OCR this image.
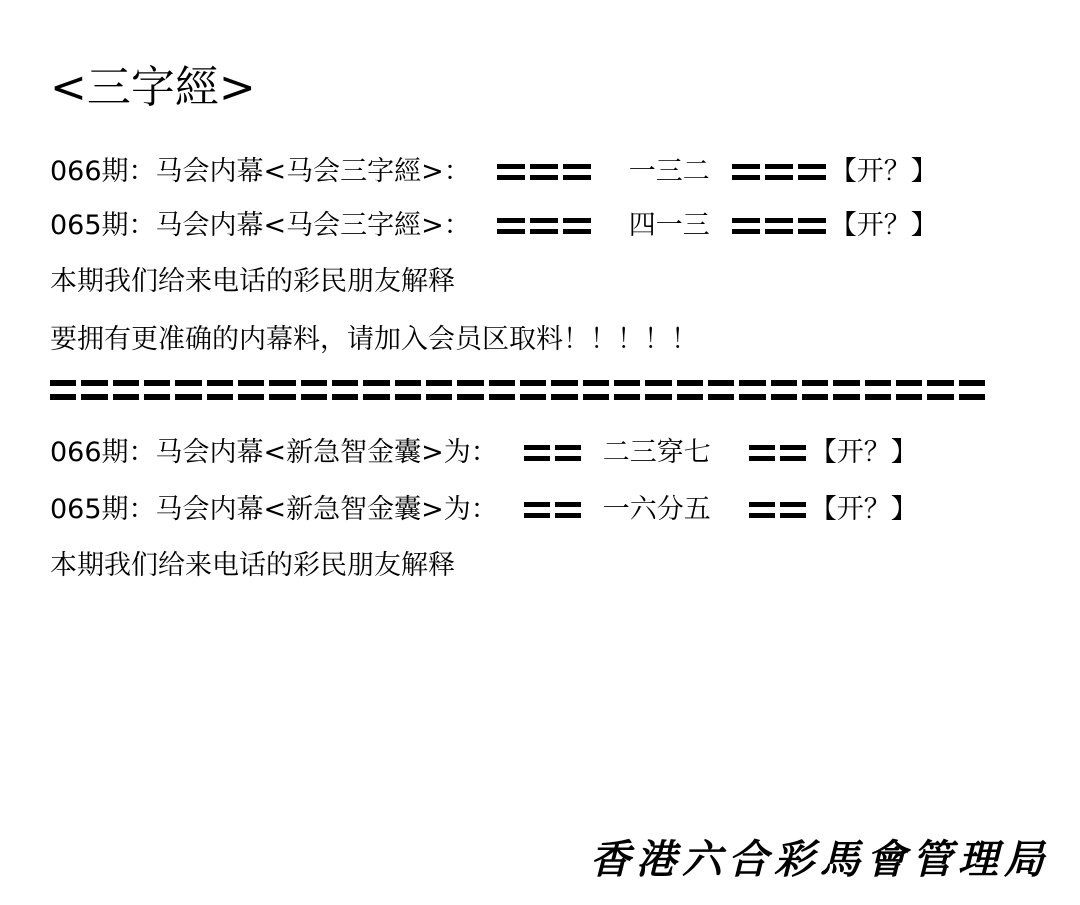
<三字經>
066期：马会内幕<马会三字經>：	一三二	【开？】
065期：马会内幕<马会三字經>：	四一三	【开？】
本期我们给来电话的彩民朋友解释
要拥有更准确的内幕料，请加入会员区取料！！！！！
066期：马会内幕<新急智金囊>为：	二三穿七	【开？】
065期：马会内幕<新急智金囊>为：	一六分五	【开？】
本期我们给来电话的彩民朋友解释
香港六合彩馬會管理局
